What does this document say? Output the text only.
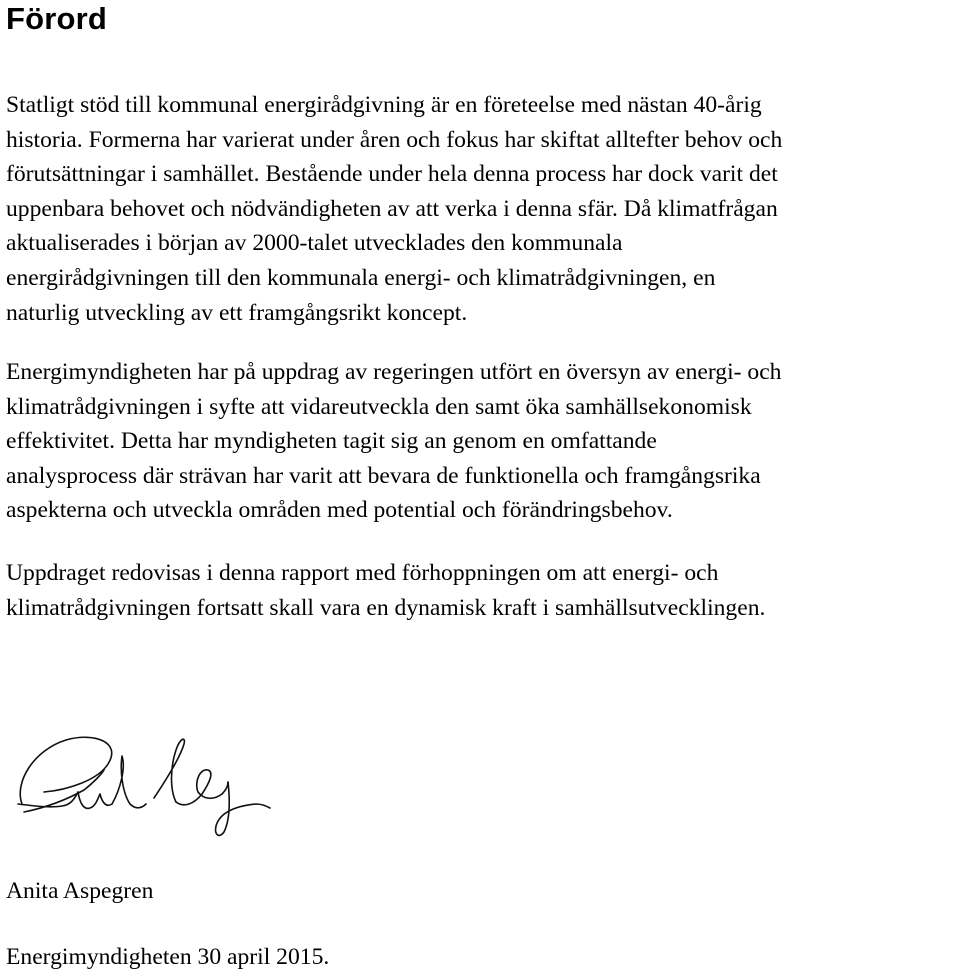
Förord
Statligt stöd till kommunal energirådgivning är en företeelse med nästan 40-årig
historia. Formerna har varierat under åren och fokus har skiftat alltefter behov och
förutsättningar i samhället. Bestående under hela denna process har dock varit det
uppenbara behovet och nödvändigheten av att verka i denna sfär. Då klimatfrågan
aktualiserades i början av 2000-talet utvecklades den kommunala
energirådgivningen till den kommunala energi- och klimatrådgivningen, en
naturlig utveckling av ett framgångsrikt koncept.
Energimyndigheten har på uppdrag av regeringen utfört en översyn av energi- och
klimatrådgivningen i syfte att vidareutveckla den samt öka samhällsekonomisk
effektivitet. Detta har myndigheten tagit sig an genom en omfattande
analysprocess där strävan har varit att bevara de funktionella och framgångsrika
aspekterna och utveckla områden med potential och förändringsbehov.
Uppdraget redovisas i denna rapport med förhoppningen om att energi- och
klimatrådgivningen fortsatt skall vara en dynamisk kraft i samhällsutvecklingen.

Anita Aspegren

Energimyndigheten 30 april 2015.
